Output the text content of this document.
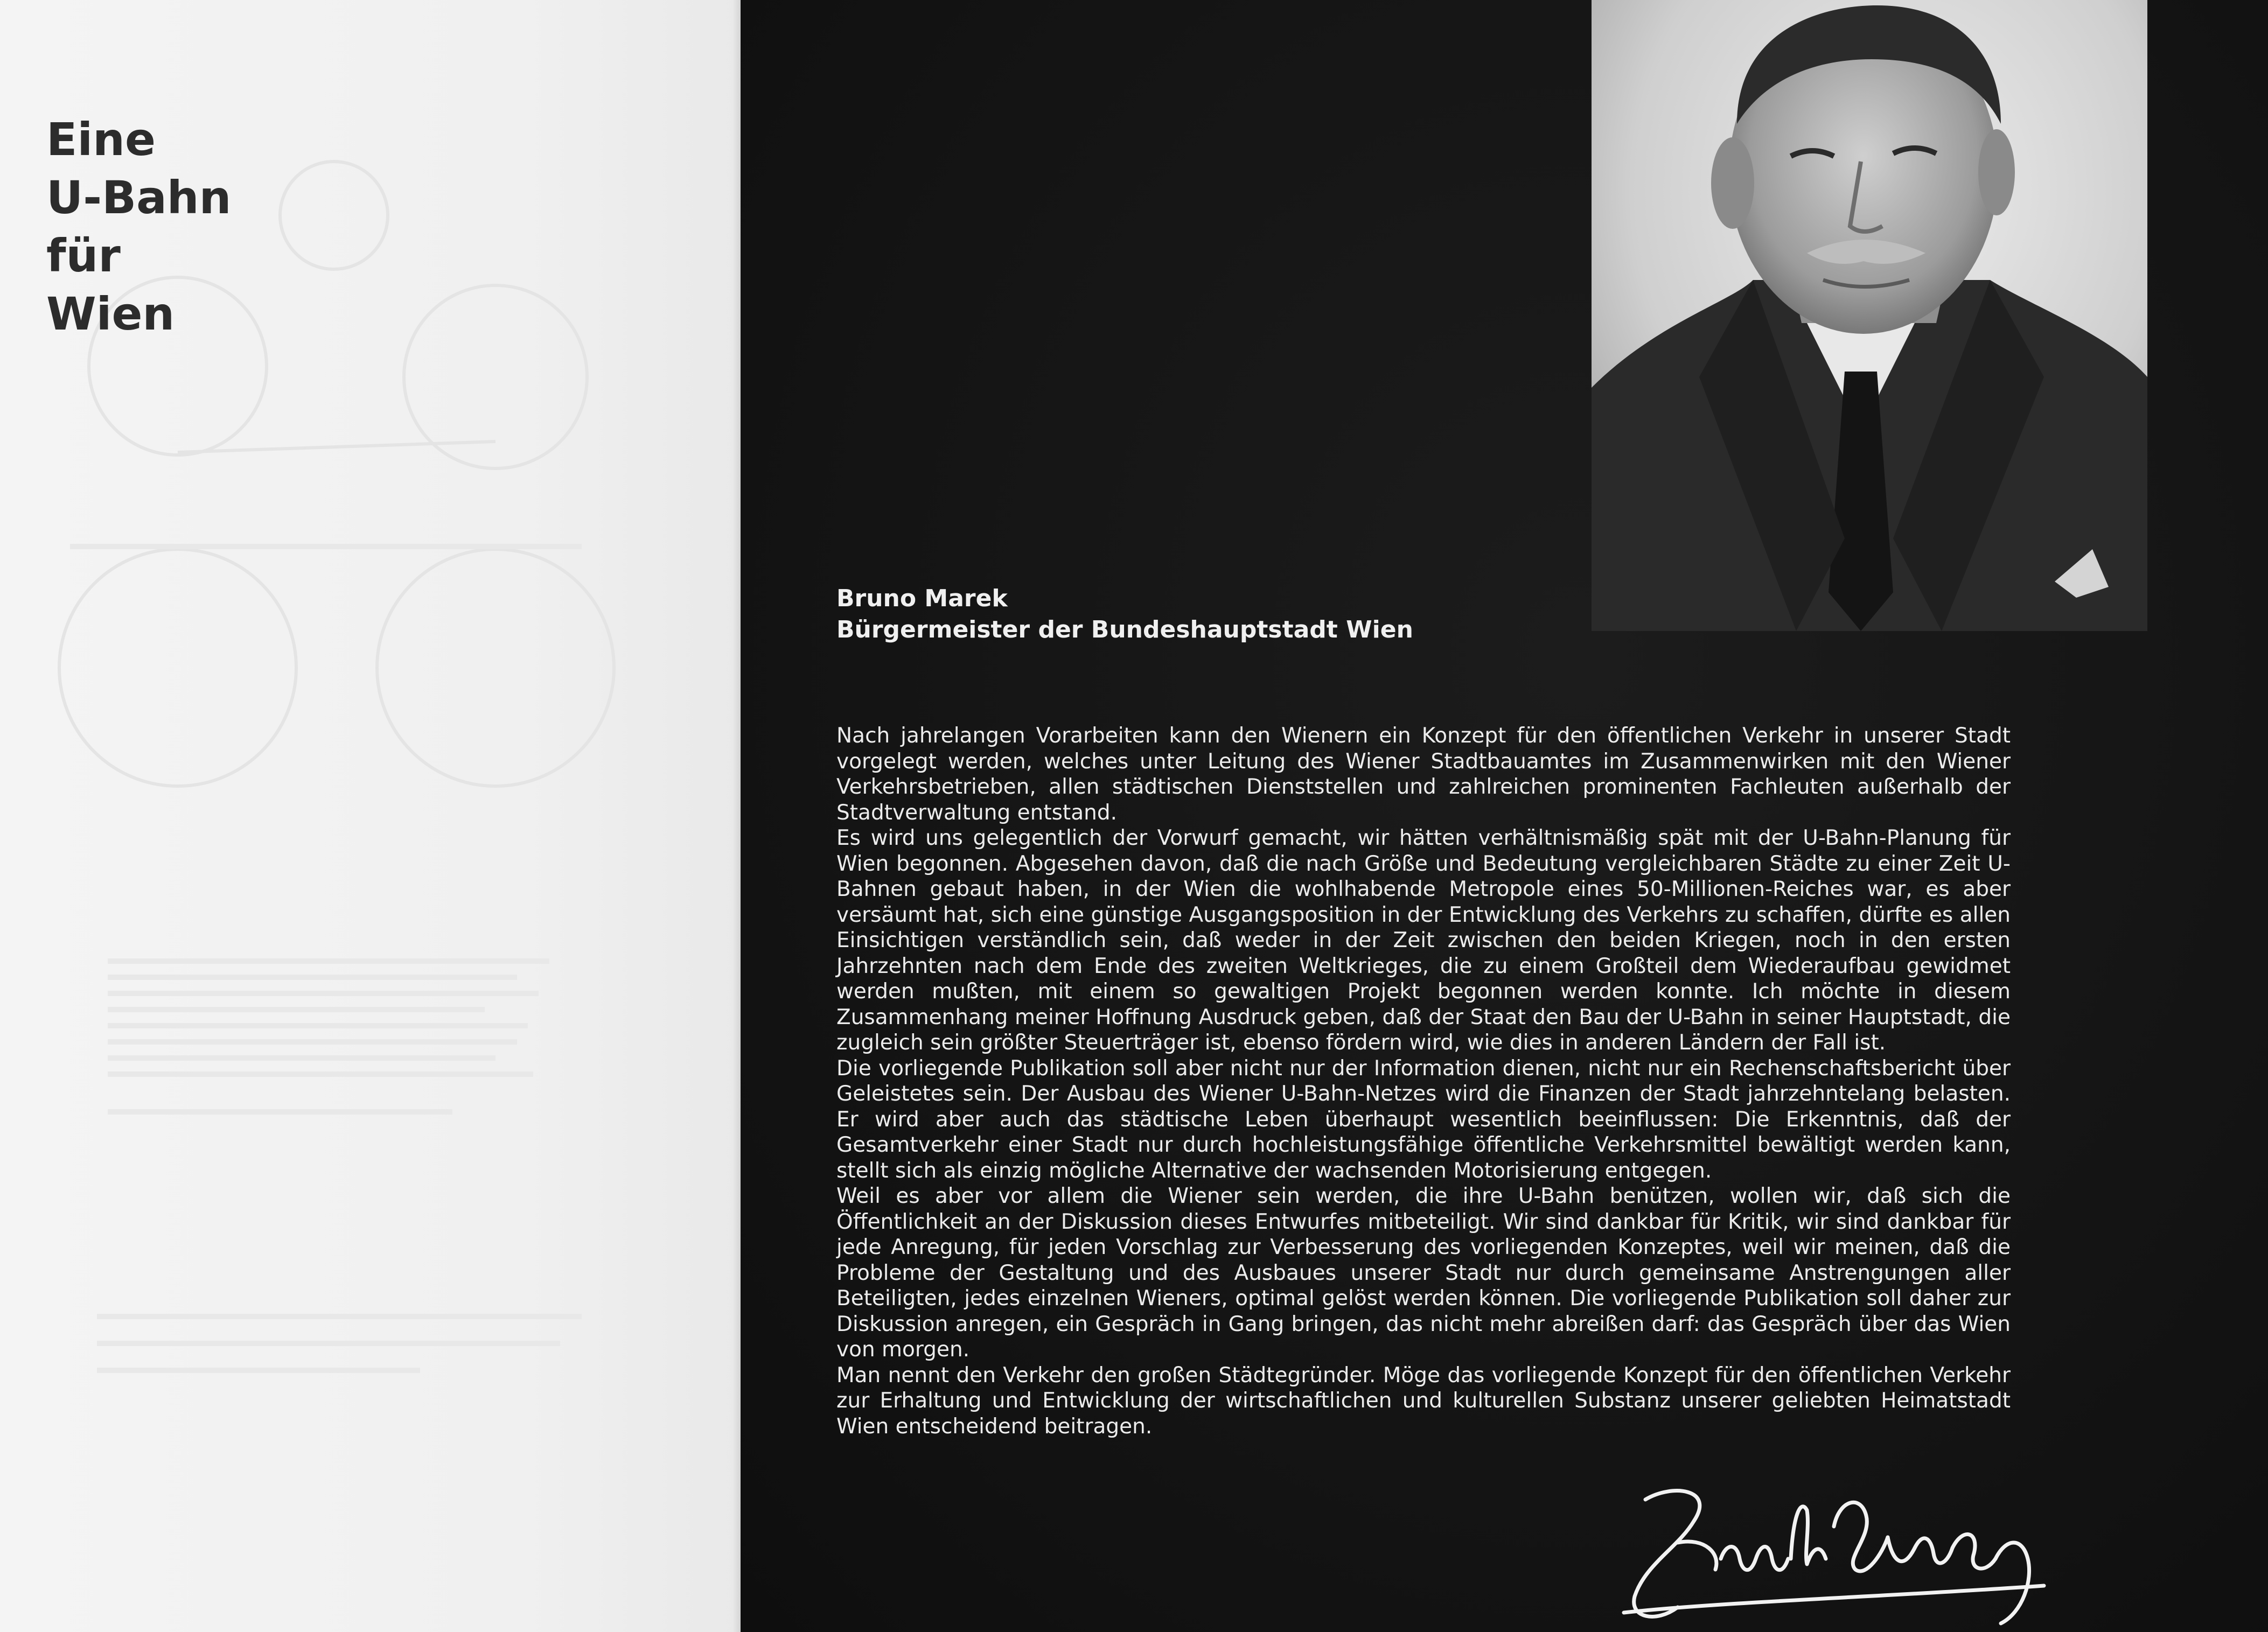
Eine
U-Bahn
für
Wien
Bruno Marek
Bürgermeister der Bundeshauptstadt Wien

Nach jahrelangen Vorarbeiten kann den Wienern ein Konzept für den öffentlichen Verkehr in unserer Stadt vorgelegt werden, welches unter Leitung des Wiener Stadtbauamtes im Zusammenwirken mit den Wiener Verkehrsbetrieben, allen städtischen Dienststellen und zahlreichen prominenten Fachleuten außerhalb der Stadtverwaltung entstand.

Es wird uns gelegentlich der Vorwurf gemacht, wir hätten verhältnismäßig spät mit der U-Bahn-Planung für Wien begonnen. Abgesehen davon, daß die nach Größe und Bedeutung vergleichbaren Städte zu einer Zeit U-Bahnen gebaut haben, in der Wien die wohlhabende Metropole eines 50-Millionen-Reiches war, es aber versäumt hat, sich eine günstige Ausgangsposition in der Entwicklung des Verkehrs zu schaffen, dürfte es allen Einsichtigen verständlich sein, daß weder in der Zeit zwischen den beiden Kriegen, noch in den ersten Jahrzehnten nach dem Ende des zweiten Weltkrieges, die zu einem Großteil dem Wiederaufbau gewidmet werden mußten, mit einem so gewaltigen Projekt begonnen werden konnte. Ich möchte in diesem Zusammenhang meiner Hoffnung Ausdruck geben, daß der Staat den Bau der U-Bahn in seiner Hauptstadt, die zugleich sein größter Steuerträger ist, ebenso fördern wird, wie dies in anderen Ländern der Fall ist.

Die vorliegende Publikation soll aber nicht nur der Information dienen, nicht nur ein Rechenschaftsbericht über Geleistetes sein. Der Ausbau des Wiener U-Bahn-Netzes wird die Finanzen der Stadt jahrzehntelang belasten. Er wird aber auch das städtische Leben überhaupt wesentlich beeinflussen: Die Erkenntnis, daß der Gesamtverkehr einer Stadt nur durch hochleistungsfähige öffentliche Verkehrsmittel bewältigt werden kann, stellt sich als einzig mögliche Alternative der wachsenden Motorisierung entgegen.

Weil es aber vor allem die Wiener sein werden, die ihre U-Bahn benützen, wollen wir, daß sich die Öffentlichkeit an der Diskussion dieses Entwurfes mitbeteiligt. Wir sind dankbar für Kritik, wir sind dankbar für jede Anregung, für jeden Vorschlag zur Verbesserung des vorliegenden Konzeptes, weil wir meinen, daß die Probleme der Gestaltung und des Ausbaues unserer Stadt nur durch gemeinsame Anstrengungen aller Beteiligten, jedes einzelnen Wieners, optimal gelöst werden können. Die vorliegende Publikation soll daher zur Diskussion anregen, ein Gespräch in Gang bringen, das nicht mehr abreißen darf: das Gespräch über das Wien von morgen.

Man nennt den Verkehr den großen Städtegründer. Möge das vorliegende Konzept für den öffentlichen Verkehr zur Erhaltung und Entwicklung der wirtschaftlichen und kulturellen Substanz unserer geliebten Heimatstadt Wien entscheidend beitragen.
